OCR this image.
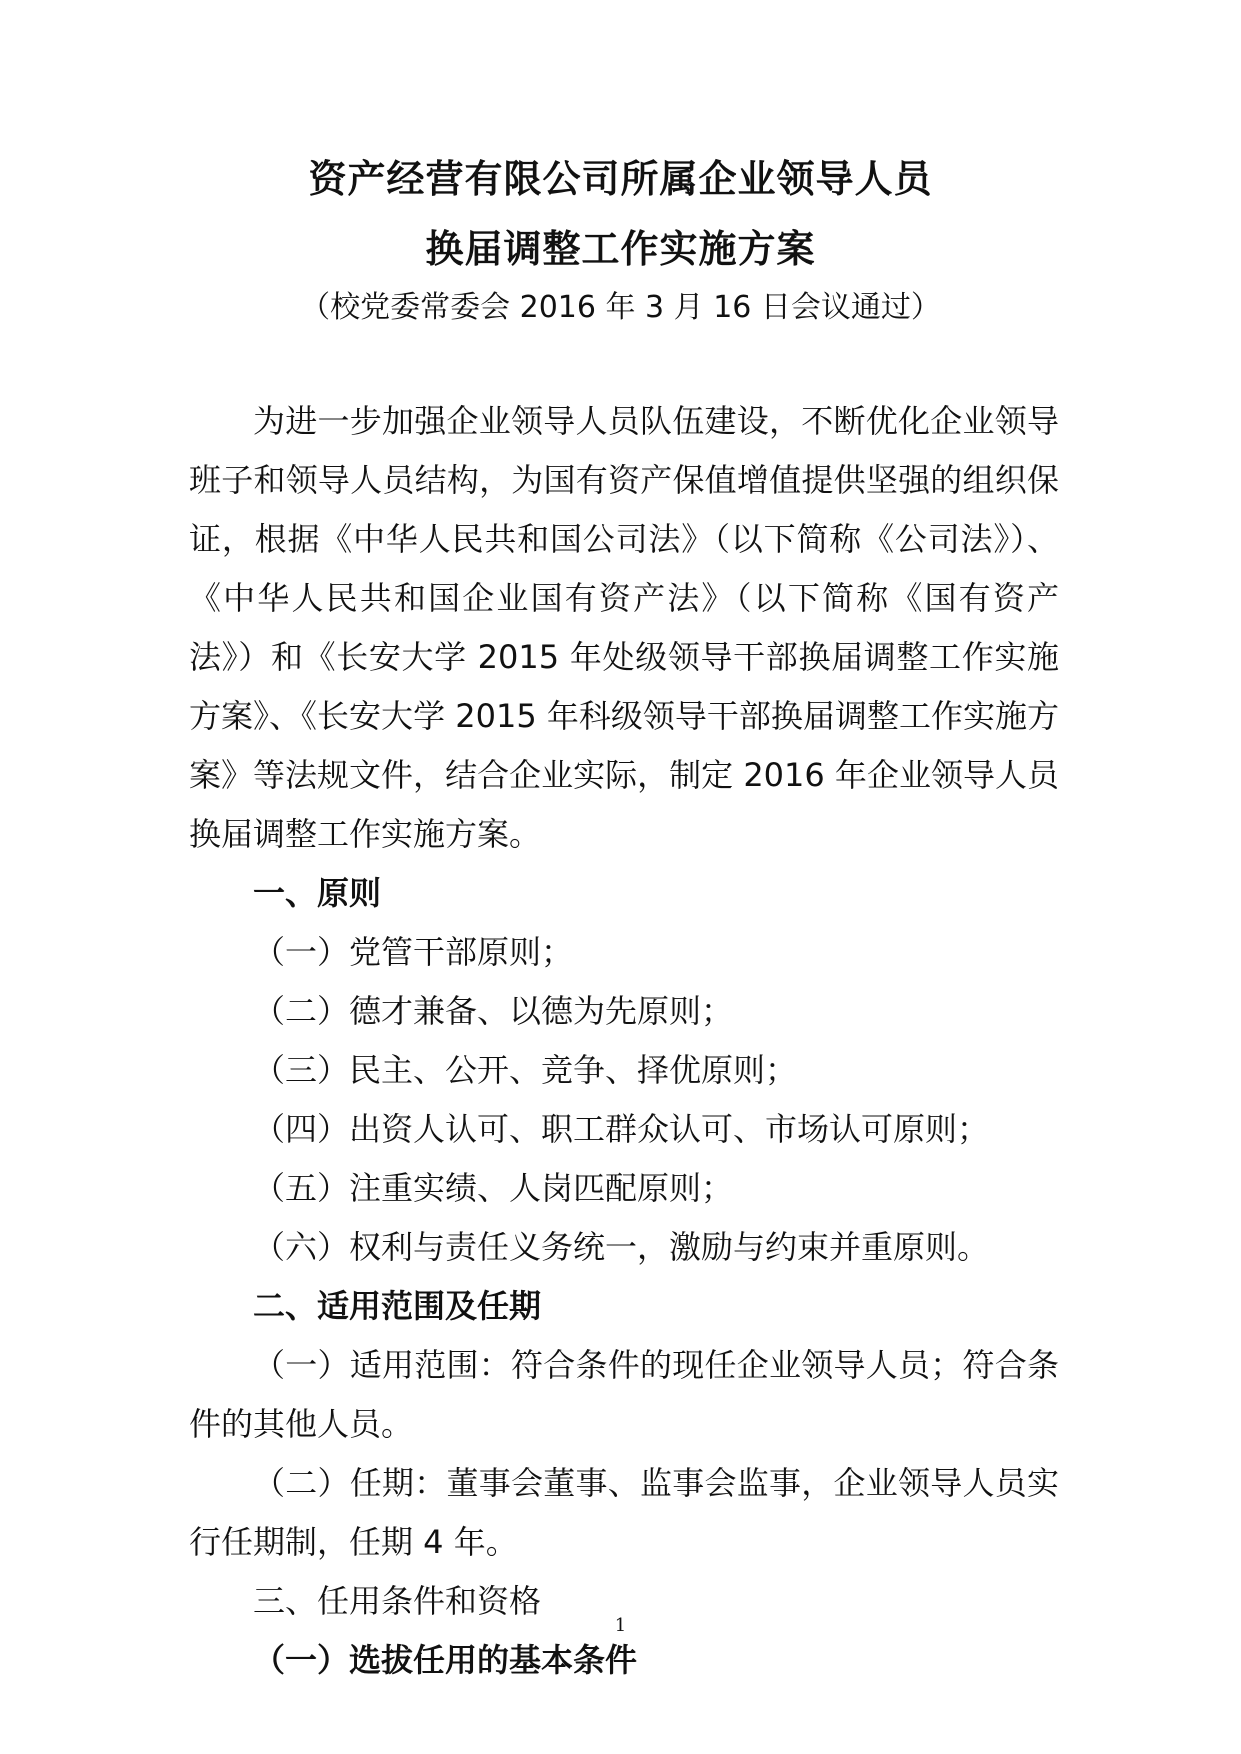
资产经营有限公司所属企业领导人员
换届调整工作实施方案
（校党委常委会 2016 年 3 月 16 日会议通过）

为进一步加强企业领导人员队伍建设，不断优化企业领导班子和领导人员结构，为国有资产保值增值提供坚强的组织保证，根据《中华人民共和国公司法》（以下简称《公司法》）、《中华人民共和国企业国有资产法》（以下简称《国有资产法》）和《长安大学 2015 年处级领导干部换届调整工作实施方案》、《长安大学 2015 年科级领导干部换届调整工作实施方案》等法规文件，结合企业实际，制定 2016 年企业领导人员换届调整工作实施方案。

一、原则

（一）党管干部原则；

（二）德才兼备、以德为先原则；

（三）民主、公开、竞争、择优原则；

（四）出资人认可、职工群众认可、市场认可原则；

（五）注重实绩、人岗匹配原则；

（六）权利与责任义务统一，激励与约束并重原则。

二、适用范围及任期

（一）适用范围：符合条件的现任企业领导人员；符合条件的其他人员。

（二）任期：董事会董事、监事会监事，企业领导人员实行任期制，任期 4 年。

三、任用条件和资格

（一）选拔任用的基本条件

1
